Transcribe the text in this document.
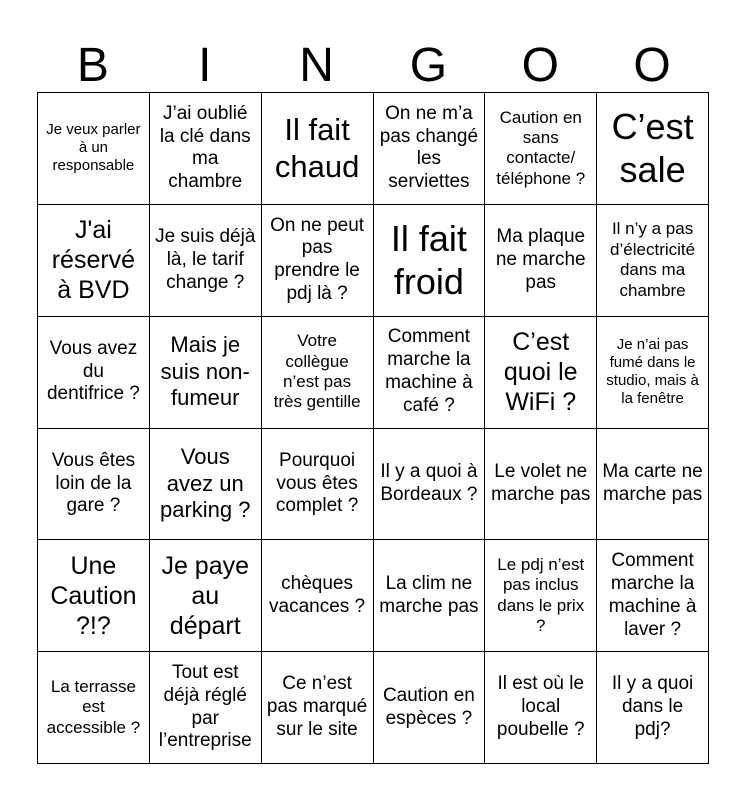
B	I	N	G	O	O
Je veux parler à un responsable
J’ai oublié la clé dans ma chambre
Il fait chaud
On ne m’a pas changé les serviettes
Caution en sans contacte/ téléphone ?
C’est sale
J'ai réservé à BVD
Je suis déjà là, le tarif change ?
On ne peut pas prendre le pdj là ?
Il fait froid
Ma plaque ne marche pas
Il n’y a pas d’électricité dans ma chambre
Vous avez du dentifrice ?
Mais je suis non-fumeur
Votre collègue n’est pas très gentille
Comment marche la machine à café ?
C’est quoi le WiFi ?
Je n’ai pas fumé dans le studio, mais à la fenêtre
Vous êtes loin de la gare ?
Vous avez un parking ?
Pourquoi vous êtes complet ?
Il y a quoi à Bordeaux ?
Le volet ne marche pas
Ma carte ne marche pas
Une Caution ?!?
Je paye au départ
chèques vacances ?
La clim ne marche pas
Le pdj n’est pas inclus dans le prix ?
Comment marche la machine à laver ?
La terrasse est accessible ?
Tout est déjà réglé par l’entreprise
Ce n’est pas marqué sur le site
Caution en espèces ?
Il est où le local poubelle ?
Il y a quoi dans le pdj?
